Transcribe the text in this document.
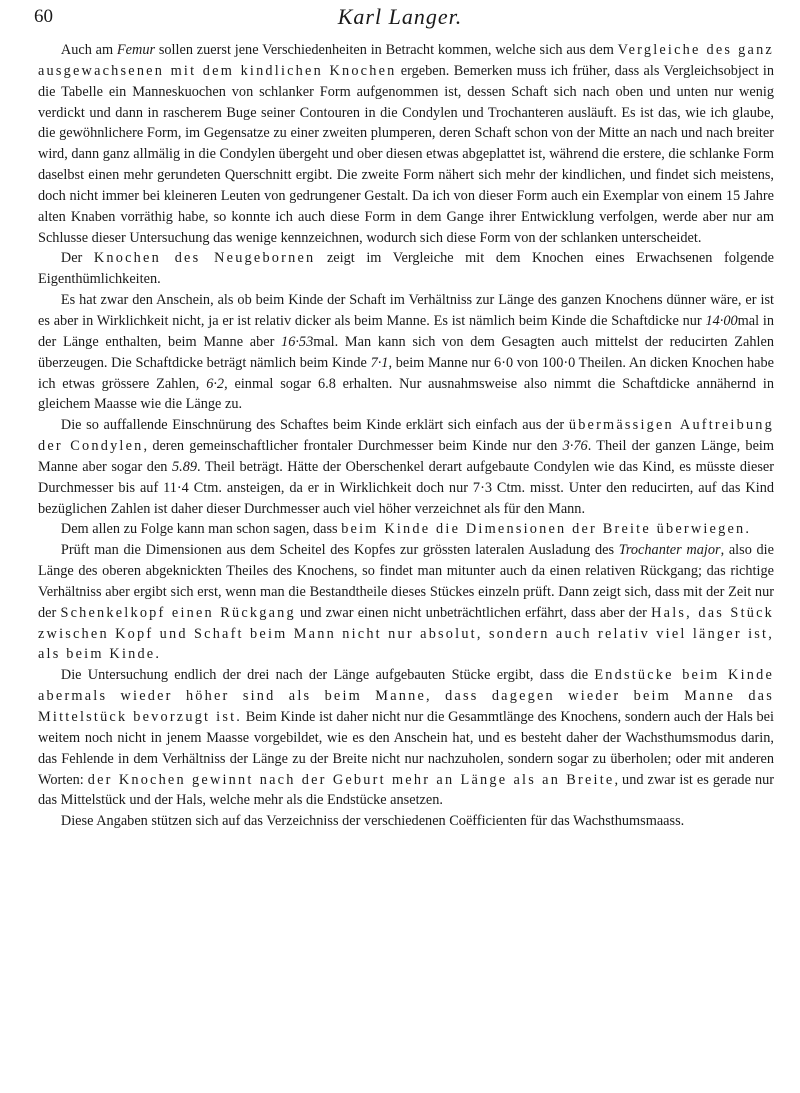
60	Karl Langer.

Auch am Femur sollen zuerst jene Verschiedenheiten in Betracht kommen, welche sich aus dem Vergleiche des ganz ausgewachsenen mit dem kindlichen Knochen ergeben. Bemerken muss ich früher, dass als Vergleichsobject in die Tabelle ein Manneskuochen von schlanker Form aufgenommen ist, dessen Schaft sich nach oben und unten nur wenig verdickt und dann in rascherem Buge seiner Contouren in die Condylen und Trochanteren ausläuft. Es ist das, wie ich glaube, die gewöhnlichere Form, im Gegensatze zu einer zweiten plumperen, deren Schaft schon von der Mitte an nach und nach breiter wird, dann ganz allmälig in die Condylen übergeht und ober diesen etwas abgeplattet ist, während die erstere, die schlanke Form daselbst einen mehr gerundeten Querschnitt ergibt. Die zweite Form nähert sich mehr der kindlichen, und findet sich meistens, doch nicht immer bei kleineren Leuten von gedrungener Gestalt. Da ich von dieser Form auch ein Exemplar von einem 15 Jahre alten Knaben vorräthig habe, so konnte ich auch diese Form in dem Gange ihrer Entwicklung verfolgen, werde aber nur am Schlusse dieser Untersuchung das wenige kennzeichnen, wodurch sich diese Form von der schlanken unterscheidet.

Der Knochen des Neugebornen zeigt im Vergleiche mit dem Knochen eines Erwachsenen folgende Eigenthümlichkeiten.

Es hat zwar den Anschein, als ob beim Kinde der Schaft im Verhältniss zur Länge des ganzen Knochens dünner wäre, er ist es aber in Wirklichkeit nicht, ja er ist relativ dicker als beim Manne. Es ist nämlich beim Kinde die Schaftdicke nur 14·00mal in der Länge enthalten, beim Manne aber 16·53mal. Man kann sich von dem Gesagten auch mittelst der reducirten Zahlen überzeugen. Die Schaftdicke beträgt nämlich beim Kinde 7·1, beim Manne nur 6·0 von 100·0 Theilen. An dicken Knochen habe ich etwas grössere Zahlen, 6·2, einmal sogar 6.8 erhalten. Nur ausnahmsweise also nimmt die Schaftdicke annähernd in gleichem Maasse wie die Länge zu.

Die so auffallende Einschnürung des Schaftes beim Kinde erklärt sich einfach aus der übermässigen Auftreibung der Condylen, deren gemeinschaftlicher frontaler Durchmesser beim Kinde nur den 3·76. Theil der ganzen Länge, beim Manne aber sogar den 5.89. Theil beträgt. Hätte der Oberschenkel derart aufgebaute Condylen wie das Kind, es müsste dieser Durchmesser bis auf 11·4 Ctm. ansteigen, da er in Wirklichkeit doch nur 7·3 Ctm. misst. Unter den reducirten, auf das Kind bezüglichen Zahlen ist daher dieser Durchmesser auch viel höher verzeichnet als für den Mann.

Dem allen zu Folge kann man schon sagen, dass beim Kinde die Dimensionen der Breite überwiegen.

Prüft man die Dimensionen aus dem Scheitel des Kopfes zur grössten lateralen Ausladung des Trochanter major, also die Länge des oberen abgeknickten Theiles des Knochens, so findet man mitunter auch da einen relativen Rückgang; das richtige Verhältniss aber ergibt sich erst, wenn man die Bestandtheile dieses Stückes einzeln prüft. Dann zeigt sich, dass mit der Zeit nur der Schenkelkopf einen Rückgang und zwar einen nicht unbeträchtlichen erfährt, dass aber der Hals, das Stück zwischen Kopf und Schaft beim Mann nicht nur absolut, sondern auch relativ viel länger ist, als beim Kinde.

Die Untersuchung endlich der drei nach der Länge aufgebauten Stücke ergibt, dass die Endstücke beim Kinde abermals wieder höher sind als beim Manne, dass dagegen wieder beim Manne das Mittelstück bevorzugt ist. Beim Kinde ist daher nicht nur die Gesammtlänge des Knochens, sondern auch der Hals bei weitem noch nicht in jenem Maasse vorgebildet, wie es den Anschein hat, und es besteht daher der Wachsthumsmodus darin, das Fehlende in dem Verhältniss der Länge zu der Breite nicht nur nachzuholen, sondern sogar zu überholen; oder mit anderen Worten: der Knochen gewinnt nach der Geburt mehr an Länge als an Breite, und zwar ist es gerade nur das Mittelstück und der Hals, welche mehr als die Endstücke ansetzen.

Diese Angaben stützen sich auf das Verzeichniss der verschiedenen Coëfficienten für das Wachsthumsmaass.
